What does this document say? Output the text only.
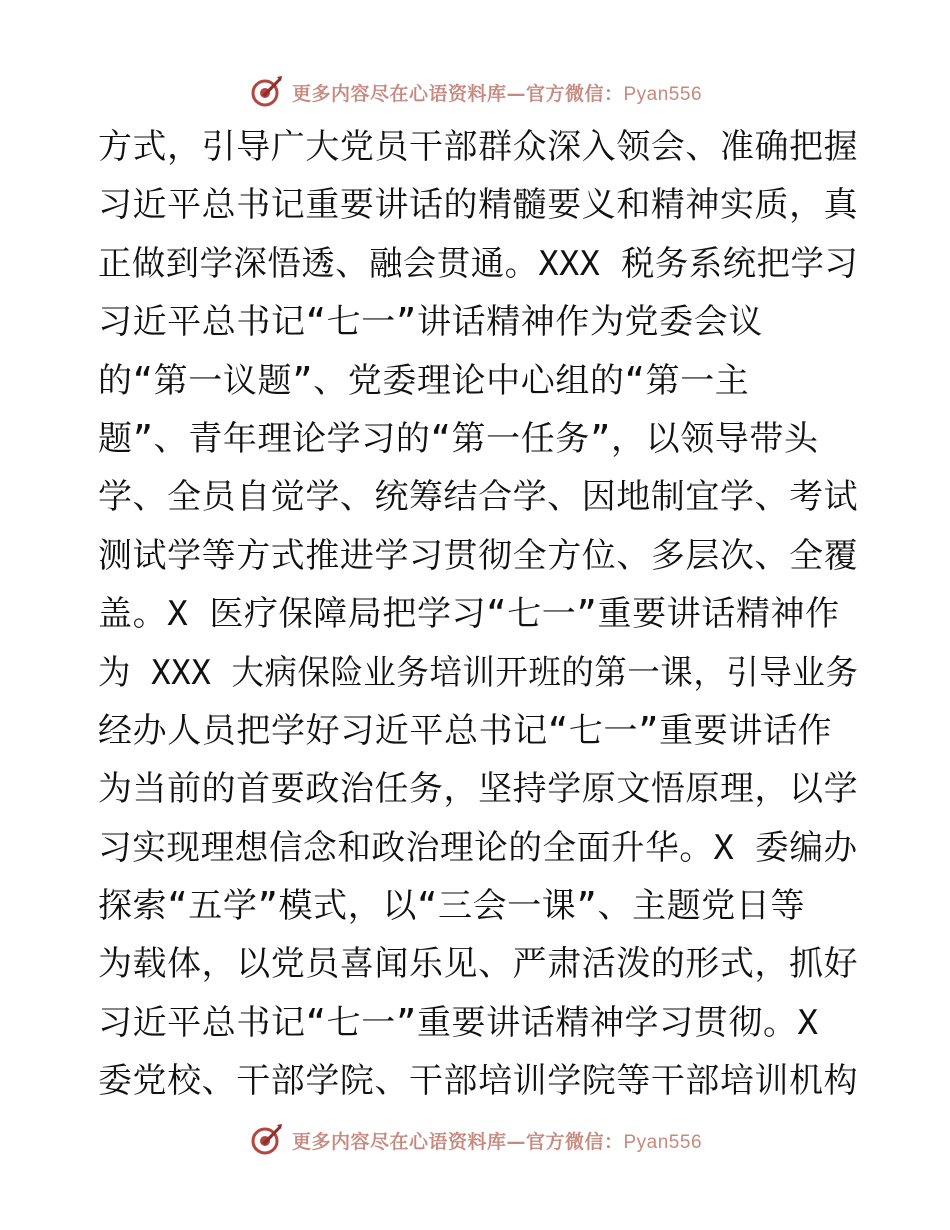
更多内容尽在心语资料库—官方微信：Pyan556
方式，引导广大党员干部群众深入领会、准确把握
习近平总书记重要讲话的精髓要义和精神实质，真
正做到学深悟透、融会贯通。XXX 税务系统把学习
习近平总书记“七一”讲话精神作为党委会议
的“第一议题”、党委理论中心组的“第一主
题”、青年理论学习的“第一任务”，以领导带头
学、全员自觉学、统筹结合学、因地制宜学、考试
测试学等方式推进学习贯彻全方位、多层次、全覆
盖。X 医疗保障局把学习“七一”重要讲话精神作
为 XXX 大病保险业务培训开班的第一课，引导业务
经办人员把学好习近平总书记“七一”重要讲话作
为当前的首要政治任务，坚持学原文悟原理，以学
习实现理想信念和政治理论的全面升华。X 委编办
探索“五学”模式，以“三会一课”、主题党日等
为载体，以党员喜闻乐见、严肃活泼的形式，抓好
习近平总书记“七一”重要讲话精神学习贯彻。X
委党校、干部学院、干部培训学院等干部培训机构
更多内容尽在心语资料库—官方微信：Pyan556
